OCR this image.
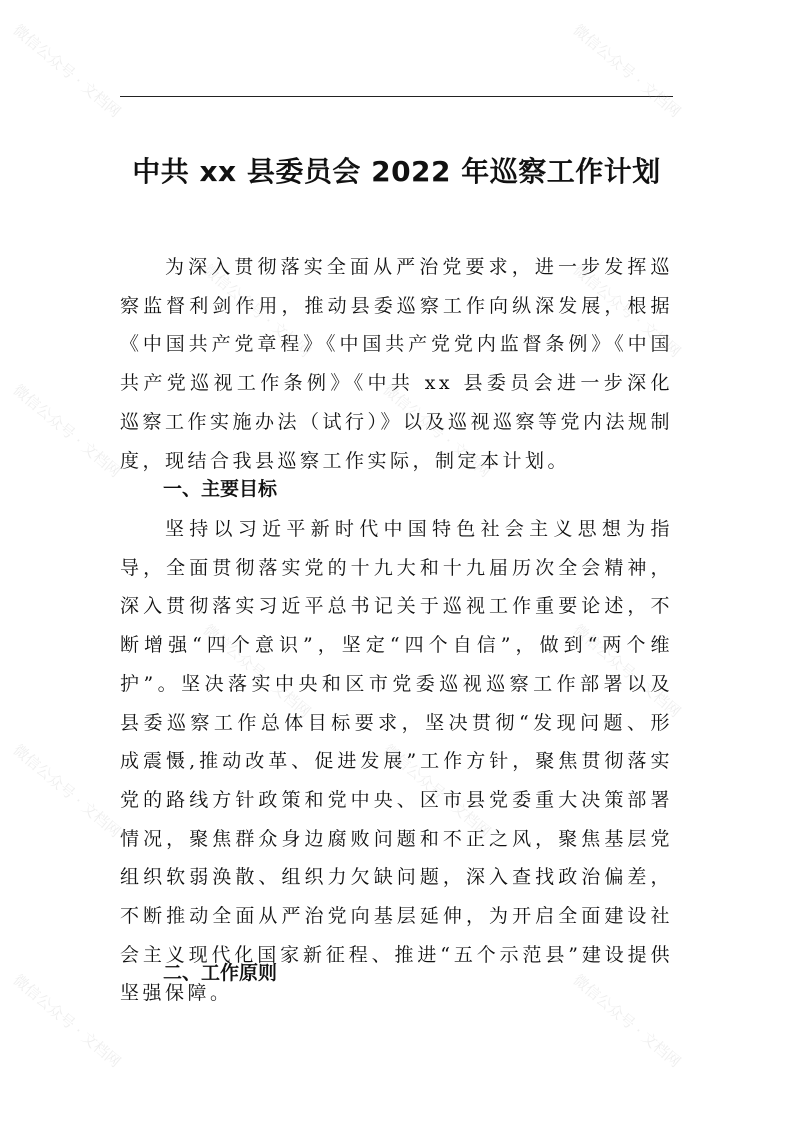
中共 xx 县委员会 2022 年巡察工作计划
为深入贯彻落实全面从严治党要求，进一步发挥巡察监督利剑作用，推动县委巡察工作向纵深发展，根据《中国共产党章程》《中国共产党党内监督条例》《中国共产党巡视工作条例》《中共 xx 县委员会进一步深化巡察工作实施办法（试行）》以及巡视巡察等党内法规制度，现结合我县巡察工作实际，制定本计划。
一、主要目标
坚持以习近平新时代中国特色社会主义思想为指导，全面贯彻落实党的十九大和十九届历次全会精神，深入贯彻落实习近平总书记关于巡视工作重要论述，不断增强“四个意识”，坚定“四个自信”，做到“两个维护”。坚决落实中央和区市党委巡视巡察工作部署以及县委巡察工作总体目标要求，坚决贯彻“发现问题、形成震慑,推动改革、促进发展”工作方针，聚焦贯彻落实党的路线方针政策和党中央、区市县党委重大决策部署情况，聚焦群众身边腐败问题和不正之风，聚焦基层党组织软弱涣散、组织力欠缺问题，深入查找政治偏差，不断推动全面从严治党向基层延伸，为开启全面建设社会主义现代化国家新征程、推进“五个示范县”建设提供坚强保障。
二、工作原则
微信公众号 · 文档网	微信公众号 · 文档网
微信公众号 · 文档网	微信公众号 · 文档网
微信公众号 · 文档网	微信公众号 · 文档网
微信公众号 · 文档网	微信公众号 · 文档网
微信公众号 · 文档网	微信公众号 · 文档网
微信公众号 · 文档网	微信公众号 · 文档网
